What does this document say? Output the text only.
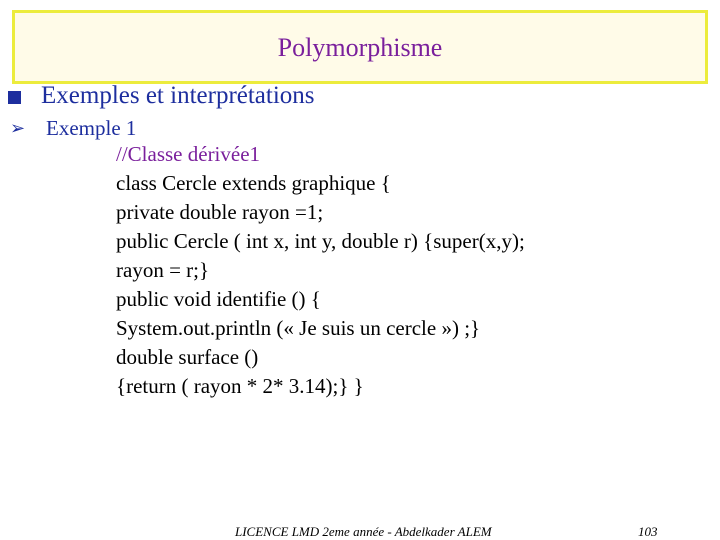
Polymorphisme
Exemples et interprétations
➢ Exemple 1
//Classe dérivée1
class Cercle extends graphique {
private double rayon =1;
public Cercle ( int x, int y, double r) {super(x,y);
rayon = r;}
public void identifie () {
System.out.println (« Je suis un cercle ») ;}
double surface ()
{return ( rayon * 2* 3.14);} }
LICENCE LMD 2eme année - Abdelkader ALEM	103
